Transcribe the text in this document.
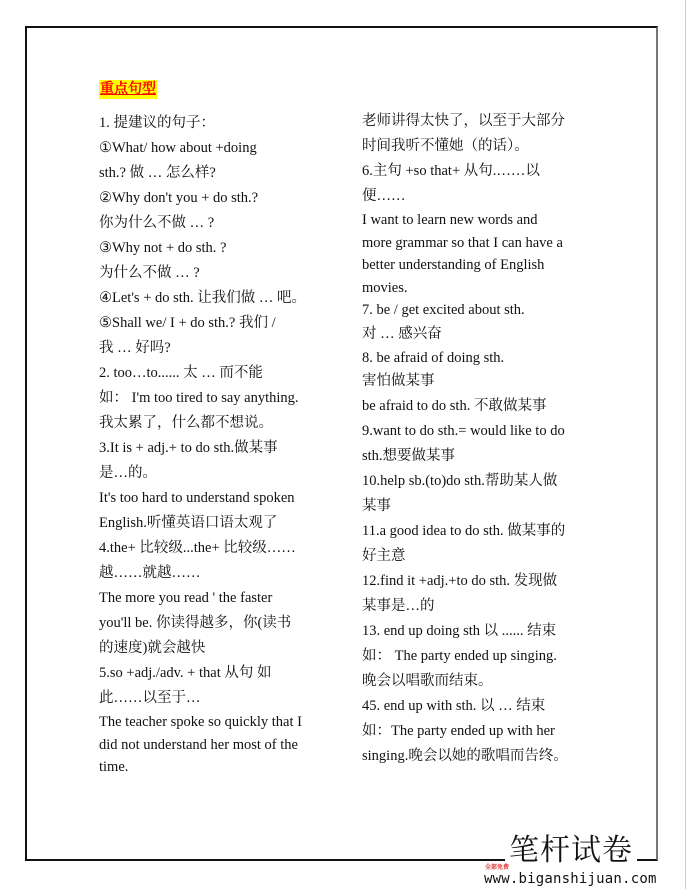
重点句型
1. 提建议的句子：
①What/ how about +doing
sth.? 做 … 怎么样?
②Why don't you + do sth.?
你为什么不做 … ?
③Why not + do sth. ?
为什么不做 … ?
④Let's + do sth. 让我们做 … 吧。
⑤Shall we/ I + do sth.? 我们 /
我 … 好吗?
2. too…to...... 太 … 而不能
如： I'm too tired to say anything.
我太累了，什么都不想说。
3.It is + adj.+ to do sth.做某事
是…的。
It's too hard to understand spoken
English.听懂英语口语太观了
4.the+ 比较级...the+ 比较级……
越……就越……
The more you read ' the faster
you'll be. 你读得越多，你(读书
的速度)就会越快
5.so +adj./adv. + that 从句 如
此……以至于…
The teacher spoke so quickly that I
did not understand her most of the
time.
老师讲得太快了，以至于大部分
时间我听不懂她（的话）。
6.主句 +so that+ 从句.……以
便……
I want to learn new words and
more grammar so that I can have a
better understanding of English
movies.
7. be / get excited about sth.
对 … 感兴奋
8. be afraid of doing sth.
害怕做某事
be afraid to do sth. 不敢做某事
9.want to do sth.= would like to do
sth.想要做某事
10.help sb.(to)do sth.帮助某人做
某事
11.a good idea to do sth. 做某事的
好主意
12.find it +adj.+to do sth. 发现做
某事是…的
13. end up doing sth 以 ...... 结束
如： The party ended up singing.
晚会以唱歌而结束。
45. end up with sth. 以 … 结束
如：The party ended up with her
singing.晚会以她的歌唱而告终。
笔杆试卷
全部免费
www.biganshijuan.com
